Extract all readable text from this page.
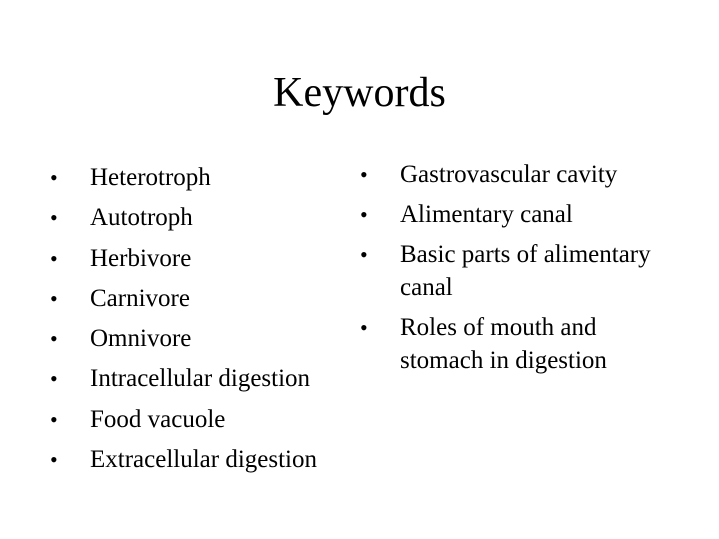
Keywords
• Heterotroph
• Autotroph
• Herbivore
• Carnivore
• Omnivore
• Intracellular digestion
• Food vacuole
• Extracellular digestion
• Gastrovascular cavity
• Alimentary canal
• Basic parts of alimentary canal
• Roles of mouth and stomach in digestion
